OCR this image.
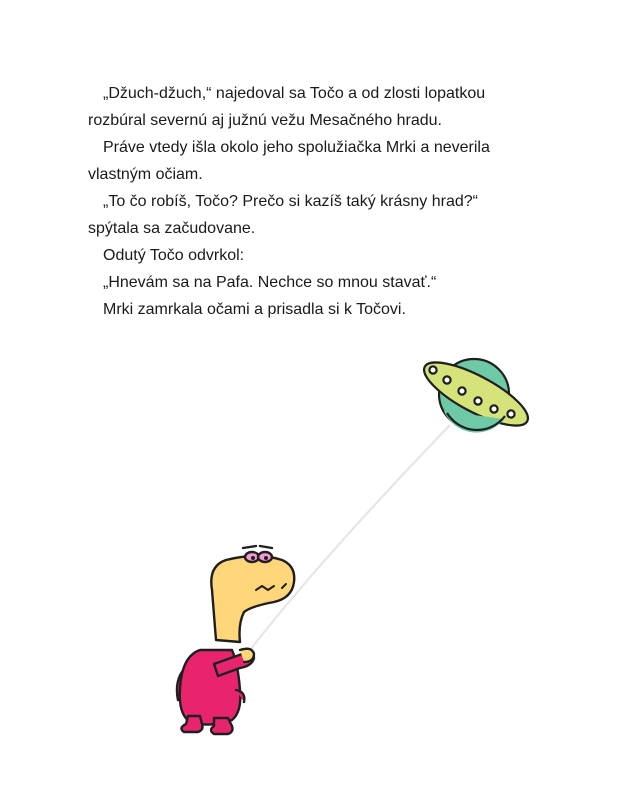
„Džuch-džuch,“ najedoval sa Točo a od zlosti lopatkou

rozbúral severnú aj južnú vežu Mesačného hradu.

Práve vtedy išla okolo jeho spolužiačka Mrki a neverila

vlastným očiam.

„To čo robíš, Točo? Prečo si kazíš taký krásny hrad?“

spýtala sa začudovane.

Odutý Točo odvrkol:

„Hnevám sa na Pafa. Nechce so mnou stavať.“

Mrki zamrkala očami a prisadla si k Točovi.
